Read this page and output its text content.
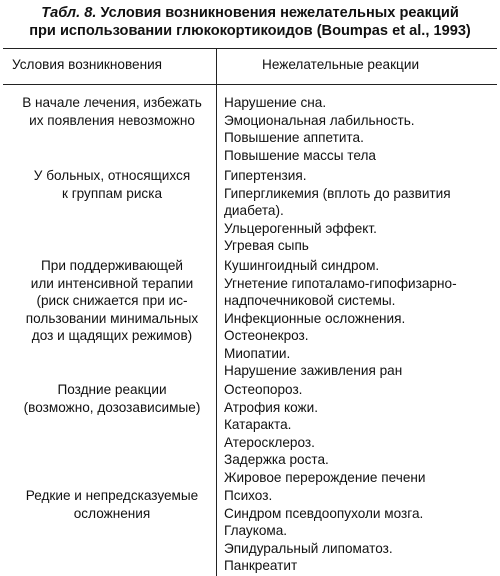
Табл. 8. Условия возникновения нежелательных реакций
при использовании глюкокортикоидов (Boumpas et al., 1993)
Условия возникновения	Нежелательные реакции
В начале лечения, избежать
их появления невозможно
Нарушение сна.
Эмоциональная лабильность.
Повышение аппетита.
Повышение массы тела
У больных, относящихся
к группам риска
Гипертензия.
Гипергликемия (вплоть до развития
диабета).
Ульцерогенный эффект.
Угревая сыпь
При поддерживающей
или интенсивной терапии
(риск снижается при ис-
пользовании минимальных
доз и щадящих режимов)
Кушингоидный синдром.
Угнетение гипоталамо-гипофизарно-
надпочечниковой системы.
Инфекционные осложнения.
Остеонекроз.
Миопатии.
Нарушение заживления ран
Поздние реакции
(возможно, дозозависимые)
Остеопороз.
Атрофия кожи.
Катаракта.
Атеросклероз.
Задержка роста.
Жировое перерождение печени
Редкие и непредсказуемые
осложнения
Психоз.
Синдром псевдоопухоли мозга.
Глаукома.
Эпидуральный липоматоз.
Панкреатит
